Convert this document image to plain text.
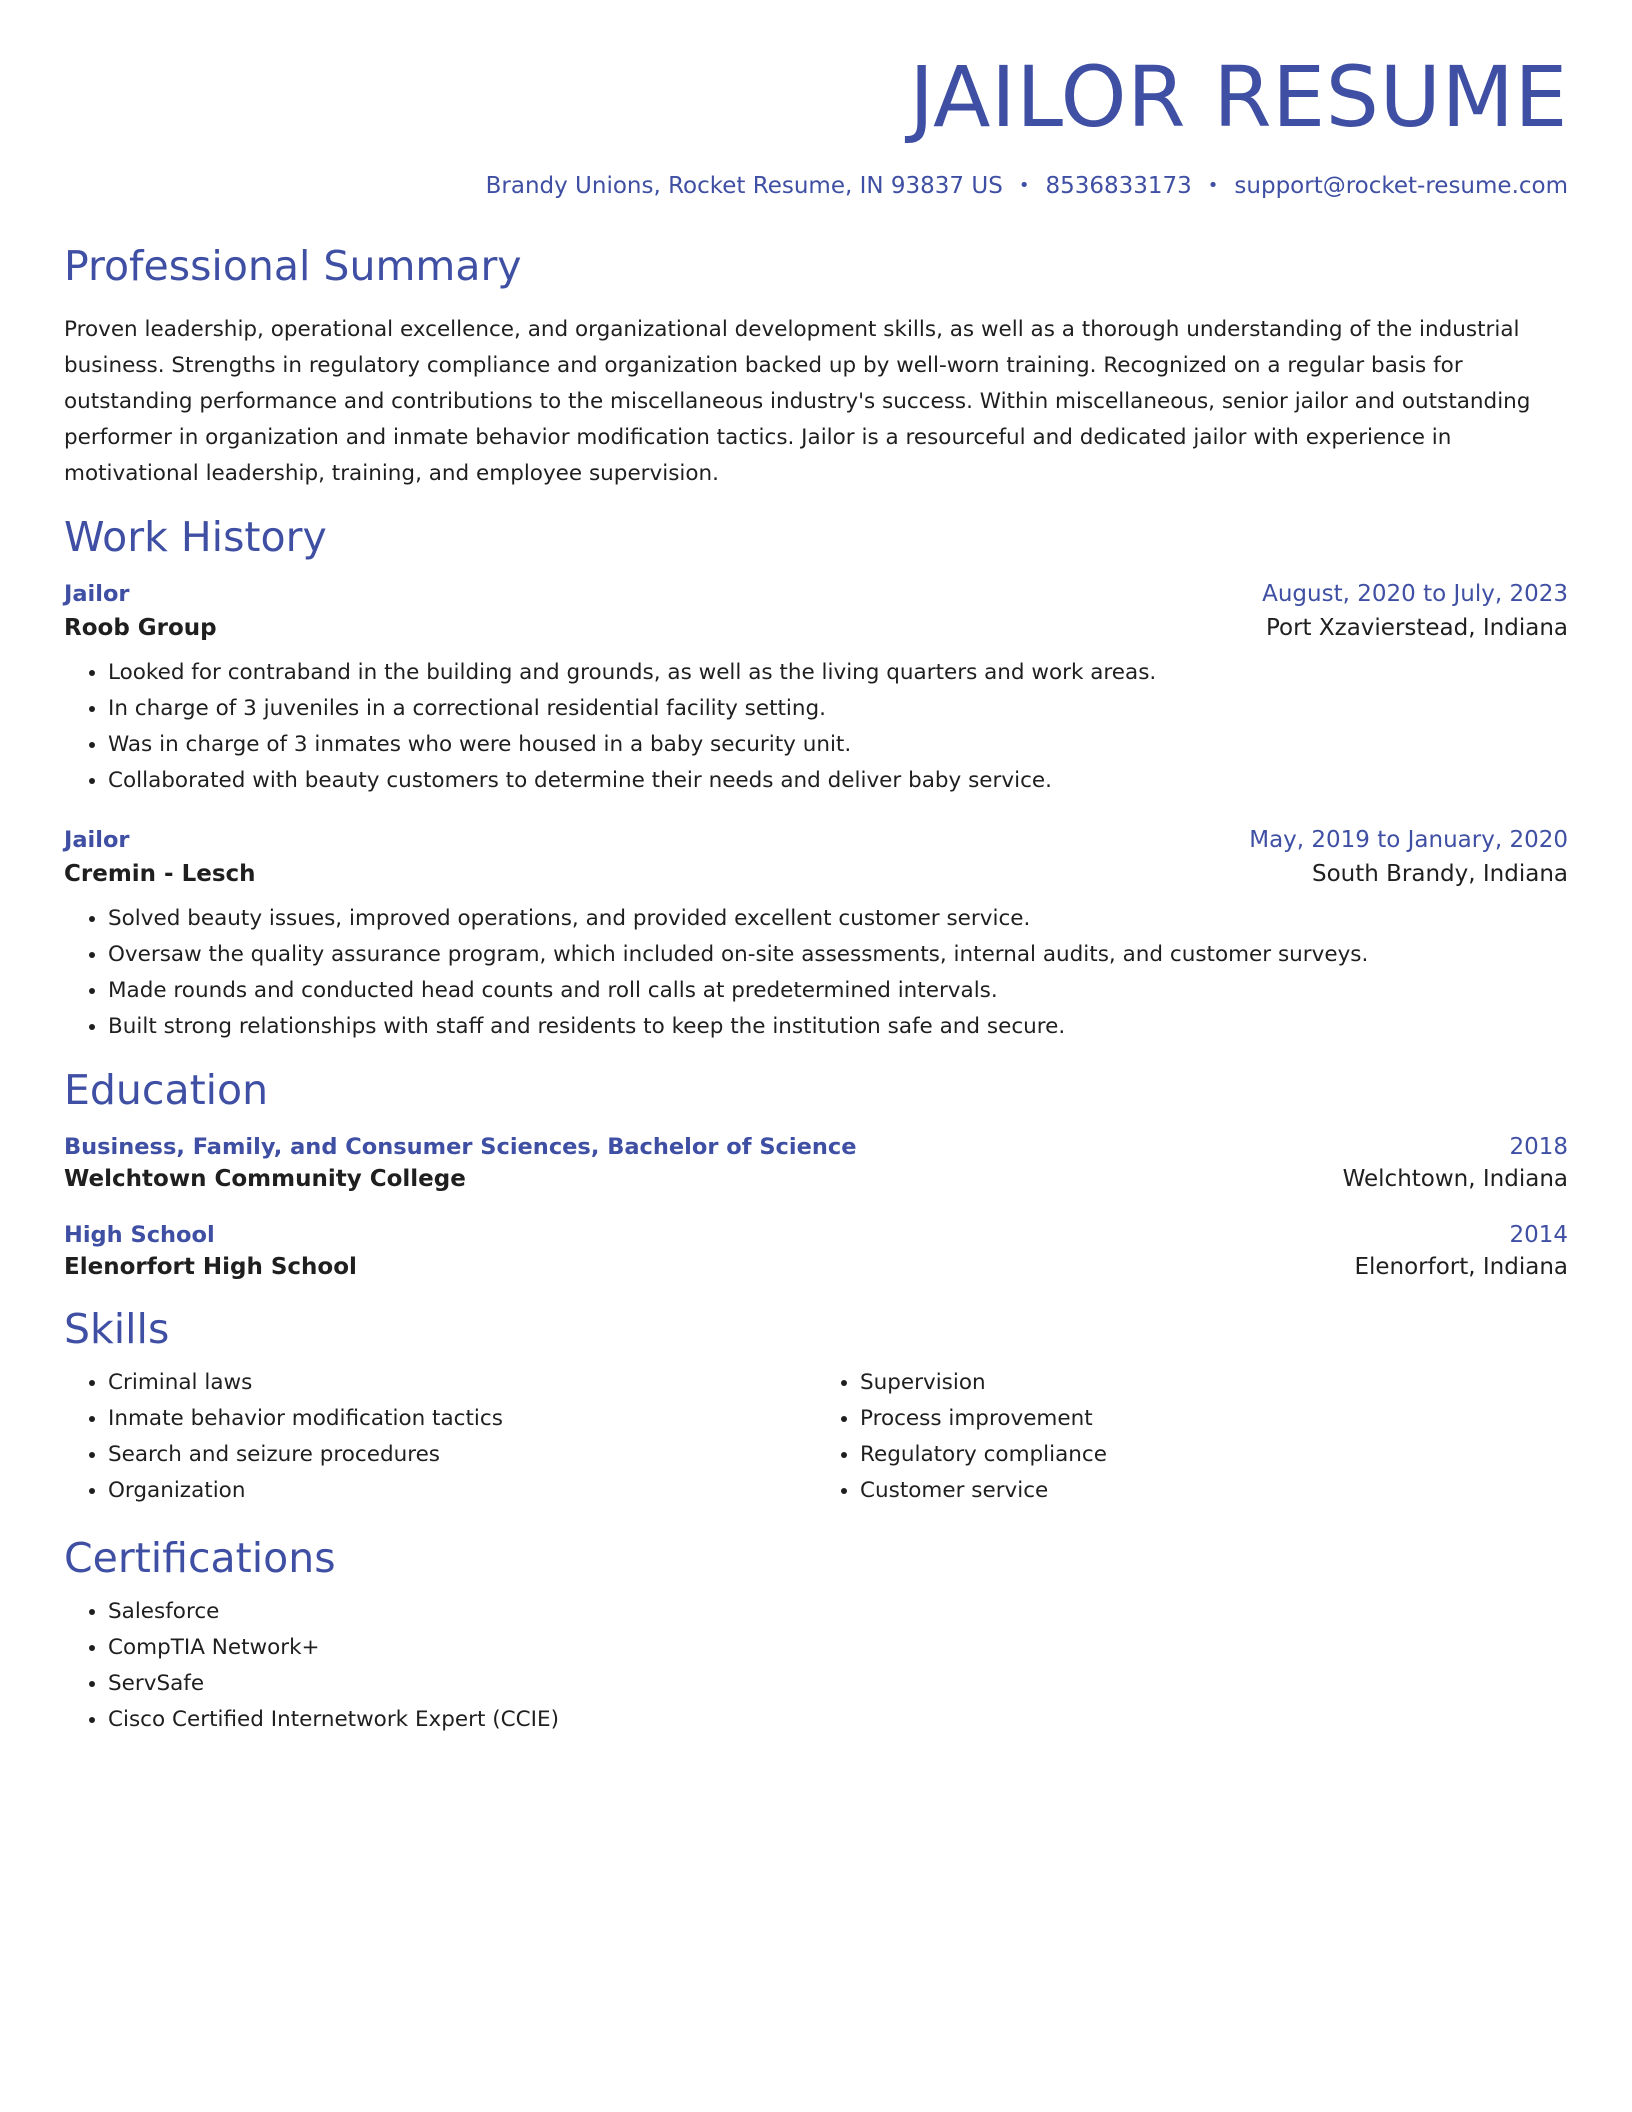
JAILOR RESUME
Brandy Unions, Rocket Resume, IN 93837 US • 8536833173 • support@rocket-resume.com
Professional Summary

Proven leadership, operational excellence, and organizational development skills, as well as a thorough understanding of the industrial business. Strengths in regulatory compliance and organization backed up by well-worn training. Recognized on a regular basis for outstanding performance and contributions to the miscellaneous industry's success. Within miscellaneous, senior jailor and outstanding performer in organization and inmate behavior modification tactics. Jailor is a resourceful and dedicated jailor with experience in motivational leadership, training, and employee supervision.

Work History
Jailor	August, 2020 to July, 2023
Roob Group	Port Xzavierstead, Indiana
• Looked for contraband in the building and grounds, as well as the living quarters and work areas.
• In charge of 3 juveniles in a correctional residential facility setting.
• Was in charge of 3 inmates who were housed in a baby security unit.
• Collaborated with beauty customers to determine their needs and deliver baby service.
Jailor	May, 2019 to January, 2020
Cremin - Lesch	South Brandy, Indiana
• Solved beauty issues, improved operations, and provided excellent customer service.
• Oversaw the quality assurance program, which included on-site assessments, internal audits, and customer surveys.
• Made rounds and conducted head counts and roll calls at predetermined intervals.
• Built strong relationships with staff and residents to keep the institution safe and secure.
Education
Business, Family, and Consumer Sciences, Bachelor of Science	2018
Welchtown Community College	Welchtown, Indiana
High School	2014
Elenorfort High School	Elenorfort, Indiana
Skills
• Criminal laws
• Inmate behavior modification tactics
• Search and seizure procedures
• Organization
• Supervision
• Process improvement
• Regulatory compliance
• Customer service
Certifications
• Salesforce
• CompTIA Network+
• ServSafe
• Cisco Certified Internetwork Expert (CCIE)
